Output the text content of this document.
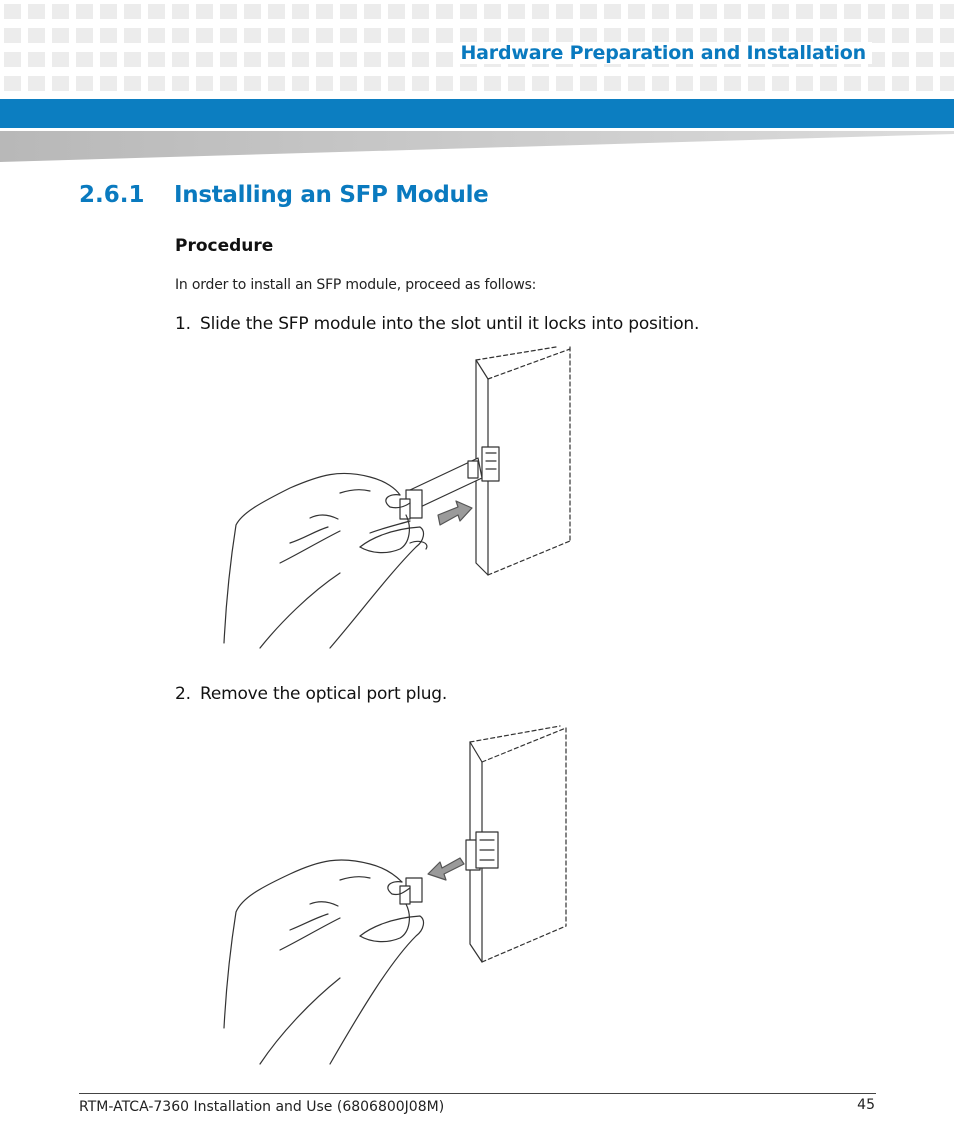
Hardware Preparation and Installation
2.6.1 Installing an SFP Module
Procedure

In order to install an SFP module, proceed as follows:

1. Slide the SFP module into the slot until it locks into position.

2. Remove the optical port plug.

RTM-ATCA-7360 Installation and Use (6806800J08M)	45
